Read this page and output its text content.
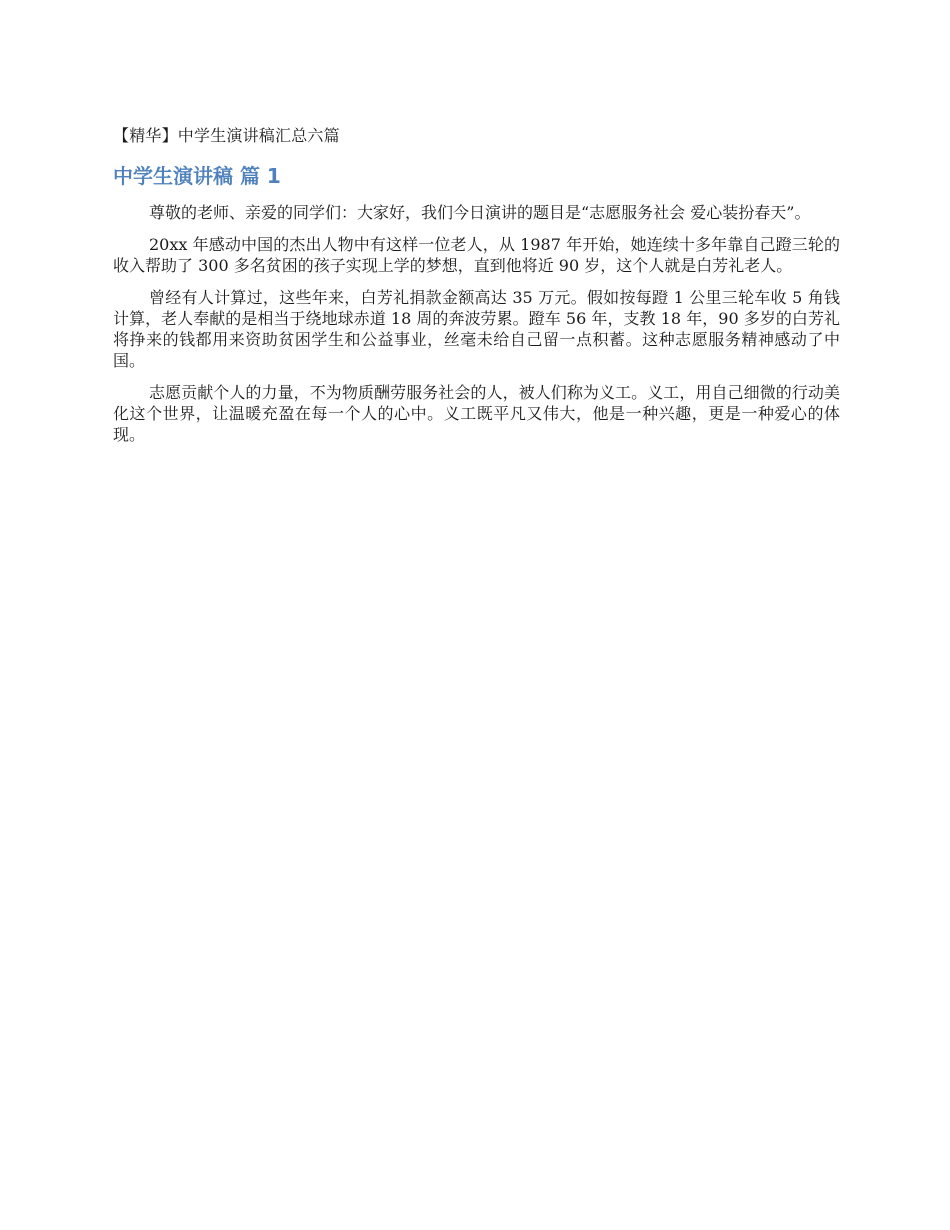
【精华】中学生演讲稿汇总六篇
中学生演讲稿 篇 1

尊敬的老师、亲爱的同学们：大家好，我们今日演讲的题目是“志愿服务社会 爱心装扮春天”。

20xx 年感动中国的杰出人物中有这样一位老人，从 1987 年开始，她连续十多年靠自己蹬三轮的收入帮助了 300 多名贫困的孩子实现上学的梦想，直到他将近 90 岁，这个人就是白芳礼老人。

曾经有人计算过，这些年来，白芳礼捐款金额高达 35 万元。假如按每蹬 1 公里三轮车收 5 角钱计算，老人奉献的是相当于绕地球赤道 18 周的奔波劳累。蹬车 56 年，支教 18 年，90 多岁的白芳礼将挣来的钱都用来资助贫困学生和公益事业，丝毫未给自己留一点积蓄。这种志愿服务精神感动了中国。

志愿贡献个人的力量，不为物质酬劳服务社会的人，被人们称为义工。义工，用自己细微的行动美化这个世界，让温暖充盈在每一个人的心中。义工既平凡又伟大，他是一种兴趣，更是一种爱心的体现。
